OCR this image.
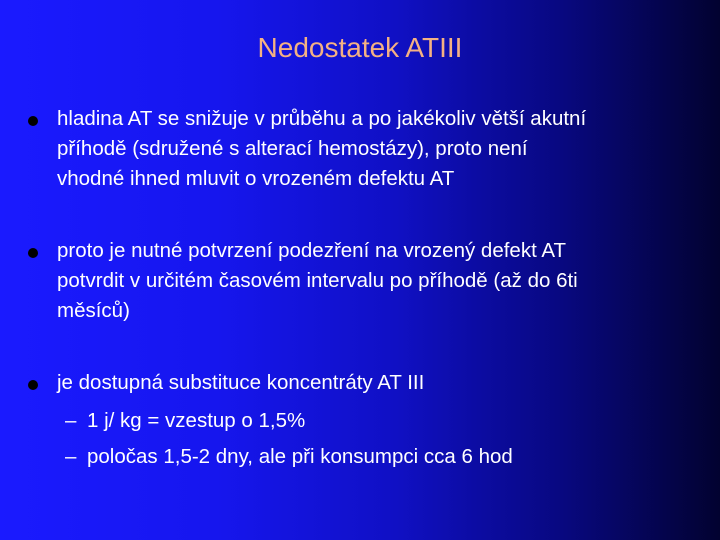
Nedostatek ATIII
hladina AT se snižuje v průběhu a po jakékoliv větší akutní
příhodě (sdružené s alterací hemostázy), proto není
vhodné ihned mluvit o vrozeném defektu AT
proto je nutné potvrzení podezření na vrozený defekt AT
potvrdit v určitém časovém intervalu po příhodě (až do 6ti
měsíců)
je dostupná substituce koncentráty AT III
– 1 j/ kg = vzestup o 1,5%
– poločas 1,5-2 dny, ale při konsumpci cca 6 hod
